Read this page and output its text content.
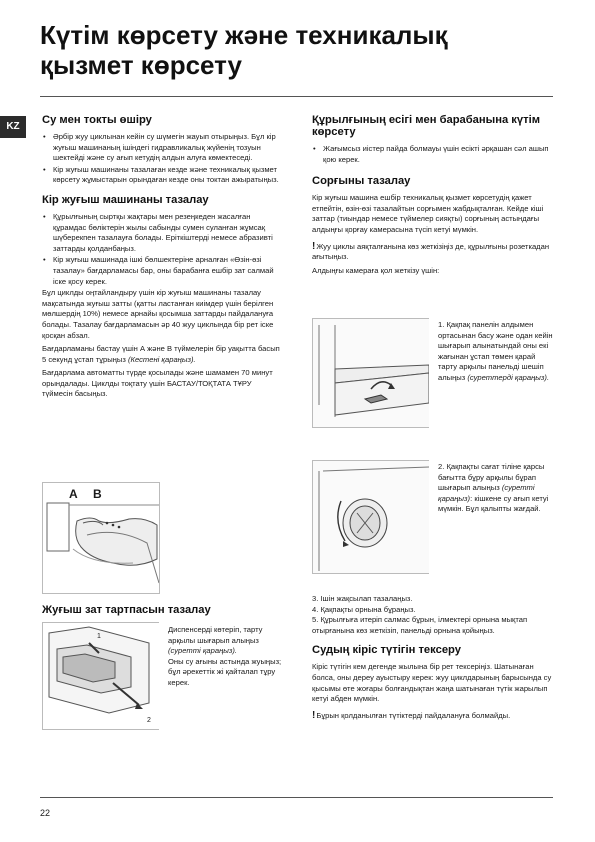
Күтім көрсету және техникалық
қызмет көрсету
KZ
Су мен токты өшіру
• Әрбір жуу циклынан кейін су шүмегін жауып отырыңыз. Бұл кір жуғыш машинаның ішіндегі гидравликалық жүйенің тозуын шектейді және су ағып кетудің алдын алуға көмектеседі.
• Кір жуғыш машинаны тазалаған кезде және техникалық қызмет көрсету жұмыстарын орындаған кезде оны токтан ажыратыңыз.
Кір жуғыш машинаны тазалау
• Құрылғының сыртқы жақтары мен резеңкеден жасалған құрамдас бөліктерін жылы сабынды сумен суланған жұмсақ шүберекпен тазалауға болады. Еріткіштерді немесе абразивті заттарды қолданбаңыз.
• Кір жуғыш машинада ішкі бөлшектеріне арналған «Өзін-өзі тазалау» бағдарламасы бар, оны барабанға ешбір зат салмай іске қосу керек.

Бұл циклды оңтайландыру үшін кір жуғыш машинаны тазалау мақсатында жуғыш затты (қатты ластанған киімдер үшін берілген мөлшердің 10%) немесе арнайы қосымша заттарды пайдалануға болады. Тазалау бағдарламасын әр 40 жуу циклында бір рет іске қосқан абзал.

Бағдарламаны бастау үшін А және В түймелерін бір уақытта басып 5 секунд ұстап тұрыңыз (Кестені қараңыз).

Бағдарлама автоматты түрде қосылады және шамамен 70 минут орындалады. Циклды тоқтату үшін БАСТАУ/ТОҚТАТА ТҰРУ түймесін басыңыз.

A B
Жуғыш зат тартпасын тазалау
2
1
Диспенсерді көтеріп, тарту арқылы шығарып алыңыз (суретті қараңыз).
Оны су ағыны астында жуыңыз; бұл әрекеттік жі қайталап тұру керек.
Құрылғының есігі мен барабанына күтім көрсету
• Жағымсыз иістер пайда болмауы үшін есікті әрқашан сәл ашып қою керек.
Сорғыны тазалау

Кір жуғыш машина ешбір техникалық қызмет көрсетудің қажет етпейтін, өзін-өзі тазалайтын сорғымен жабдықталған. Кейде кіші заттар (тиындар немесе түймелер сияқты) сорғының астындағы алдыңғы қорғау камерасына түсіп кетуі мүмкін.

!Жуу циклы аяқталғанына көз жеткізіңіз де, құрылғыны розеткадан ағытыңыз.

Алдыңғы камераға қол жеткізу үшін:

1. Қақпақ панелін алдымен ортасынан басу және одан кейін шығарып алынатындай оны екі жағынан ұстап төмен қарай тарту арқылы панельді шешіп алыңыз (суреттерді қараңыз).
2. Қақпақты сағат тіліне қарсы бағытта бұру арқылы бұрап шығарып алыңыз (суретті қараңыз): кішкене су ағып кетуі мүмкін. Бұл қалыпты жағдай.

3. Ішін жақсылап тазалаңыз.

4. Қақпақты орнына бұраңыз.

5. Құрылғыға итеріп салмас бұрын, ілмектері орнына мықтап отырғанына көз жеткізіп, панельді орнына қойыңыз.

Судың кіріс түтігін тексеру

Кіріс түтігін кем дегенде жылына бір рет тексеріңіз. Шатынаған болса, оны дереу ауыстыру керек: жуу циклдарының барысында су қысымы өте жоғары болғандықтан жаңа шатынаған түтік жарылып кетуі абден мүмкін.

!Бұрын қолданылған түтіктерді пайдалануға болмайды.

22
